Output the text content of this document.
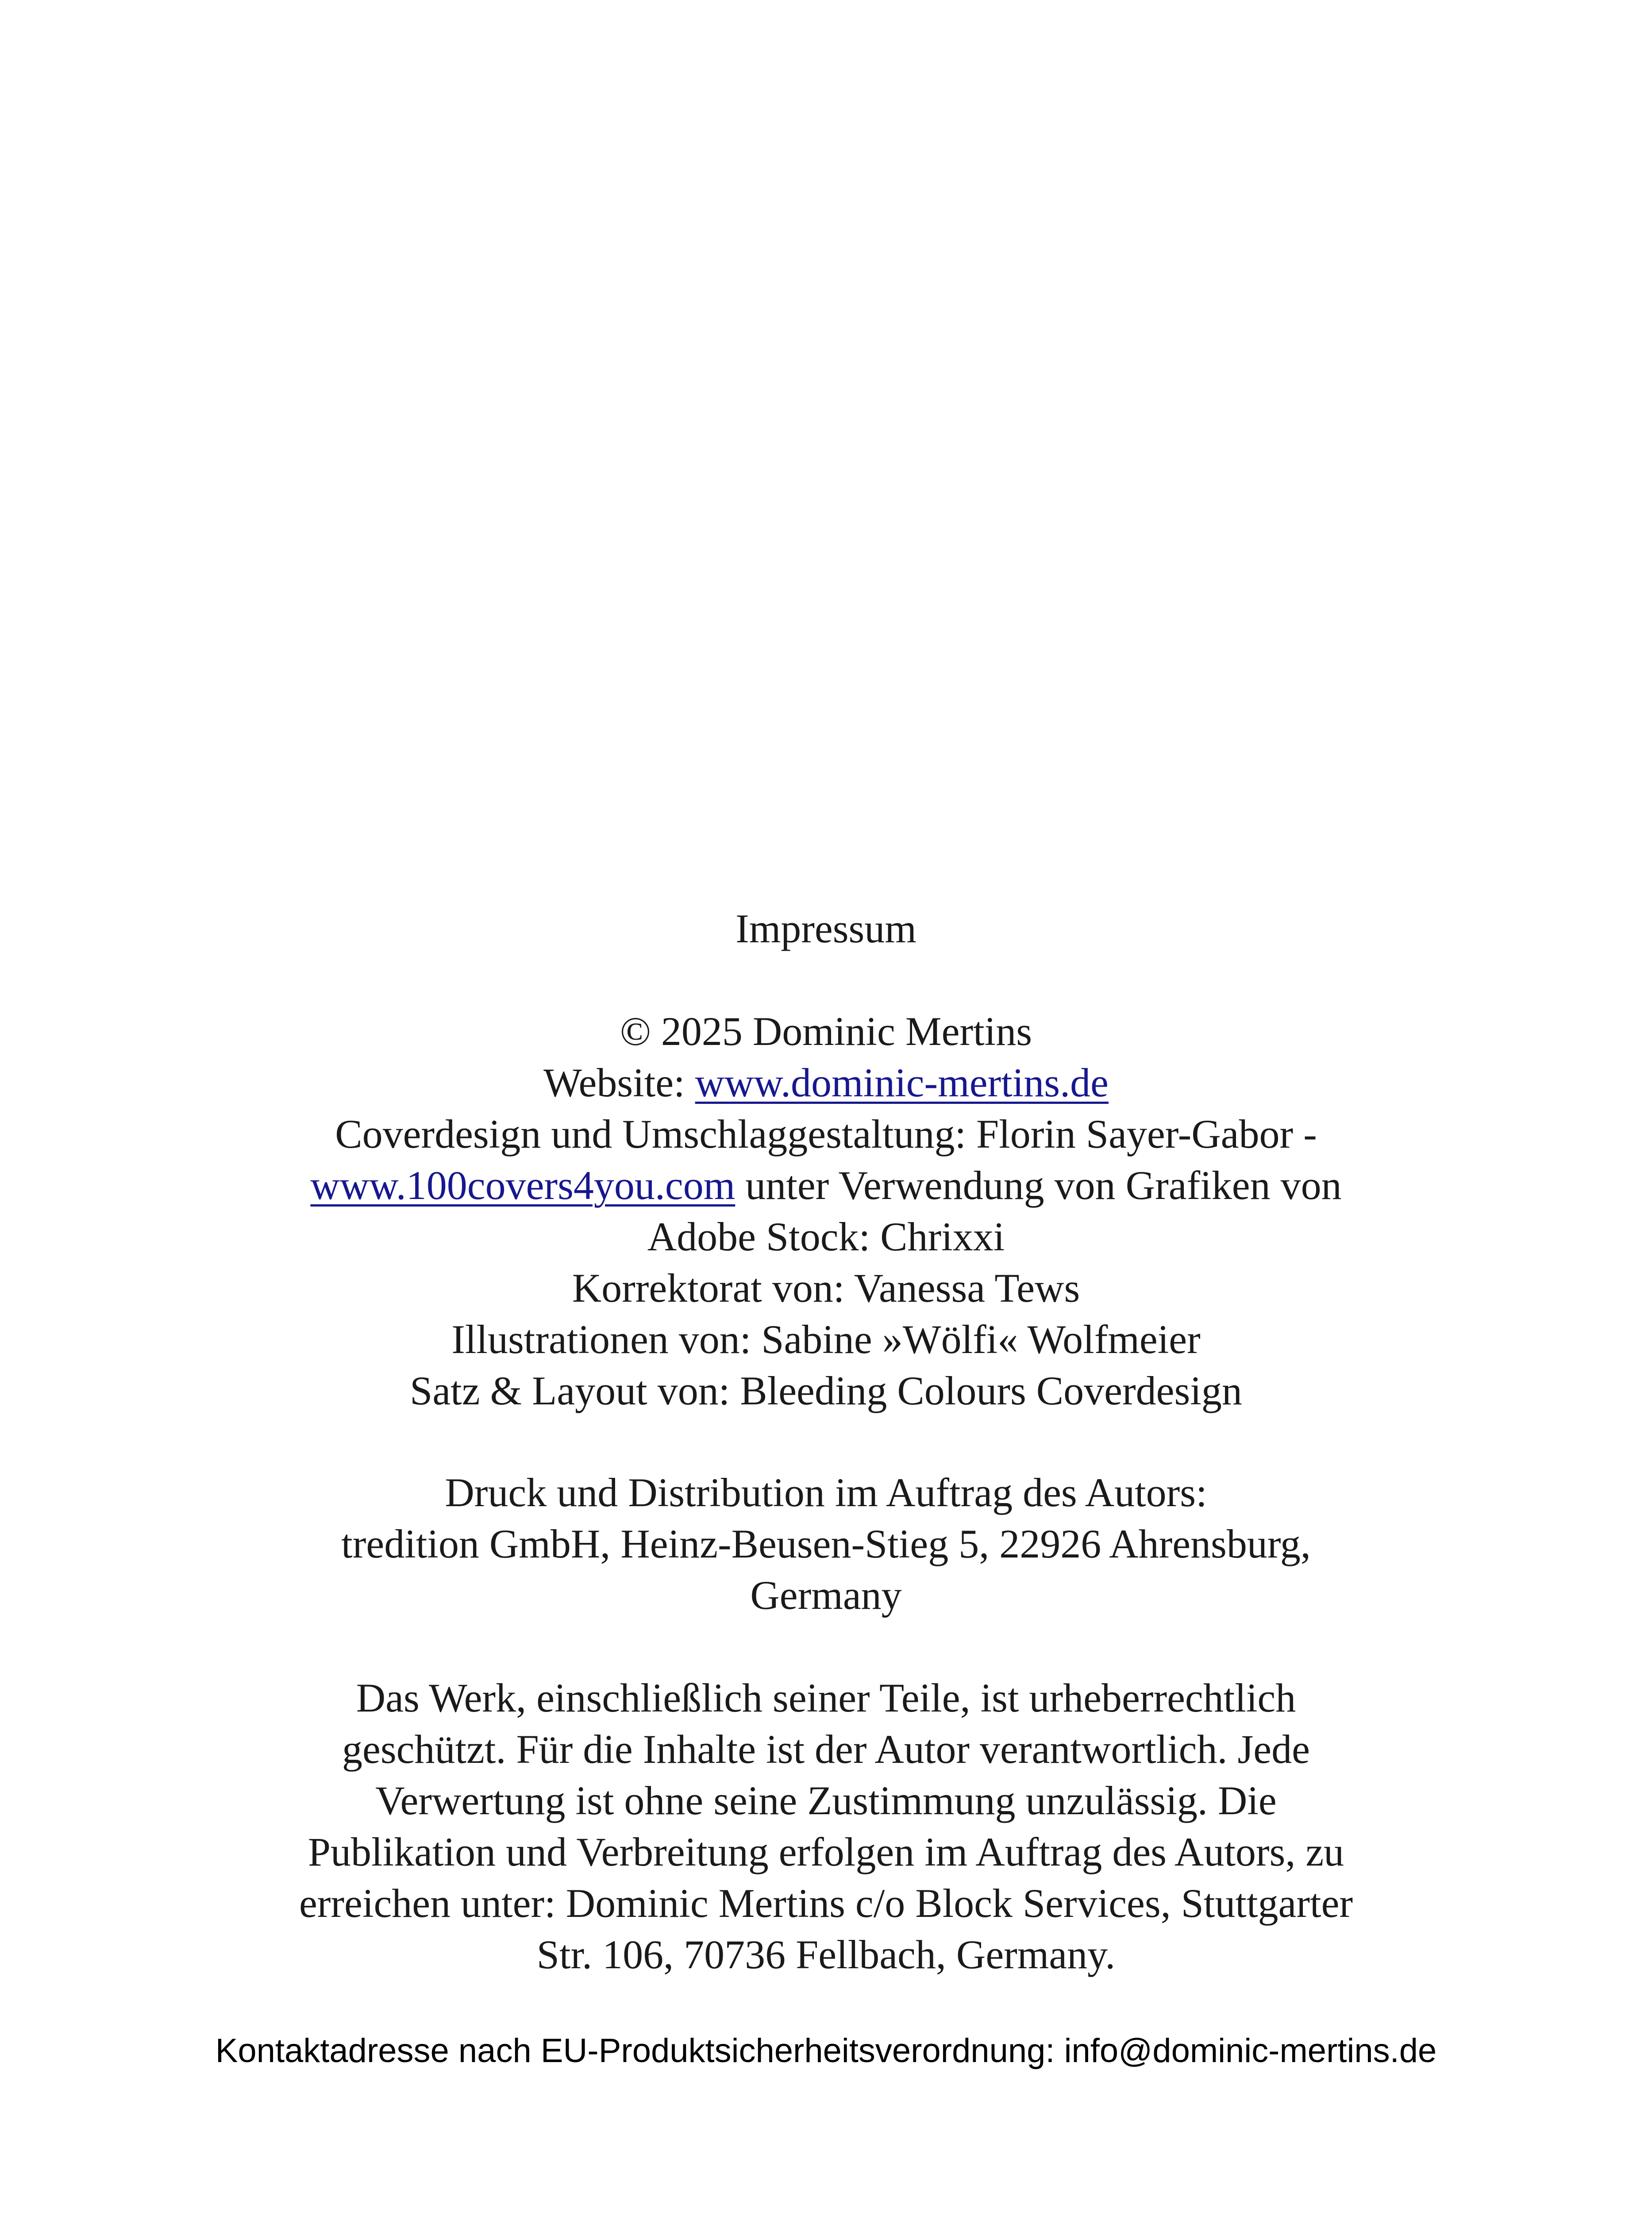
Impressum

© 2025 Dominic Mertins

Website: www.dominic-mertins.de

Coverdesign und Umschlaggestaltung: Florin Sayer-Gabor -

www.100covers4you.com unter Verwendung von Grafiken von

Adobe Stock: Chrixxi

Korrektorat von: Vanessa Tews

Illustrationen von: Sabine »Wölfi« Wolfmeier

Satz & Layout von: Bleeding Colours Coverdesign

Druck und Distribution im Auftrag des Autors:

tredition GmbH, Heinz-Beusen-Stieg 5, 22926 Ahrensburg,

Germany

Das Werk, einschließlich seiner Teile, ist urheberrechtlich geschützt. Für die Inhalte ist der Autor verantwortlich. Jede Verwertung ist ohne seine Zustimmung unzulässig. Die Publikation und Verbreitung erfolgen im Auftrag des Autors, zu erreichen unter: Dominic Mertins c/o Block Services, Stuttgarter Str. 106, 70736 Fellbach, Germany.

Kontaktadresse nach EU-Produktsicherheitsverordnung: info@dominic-mertins.de
